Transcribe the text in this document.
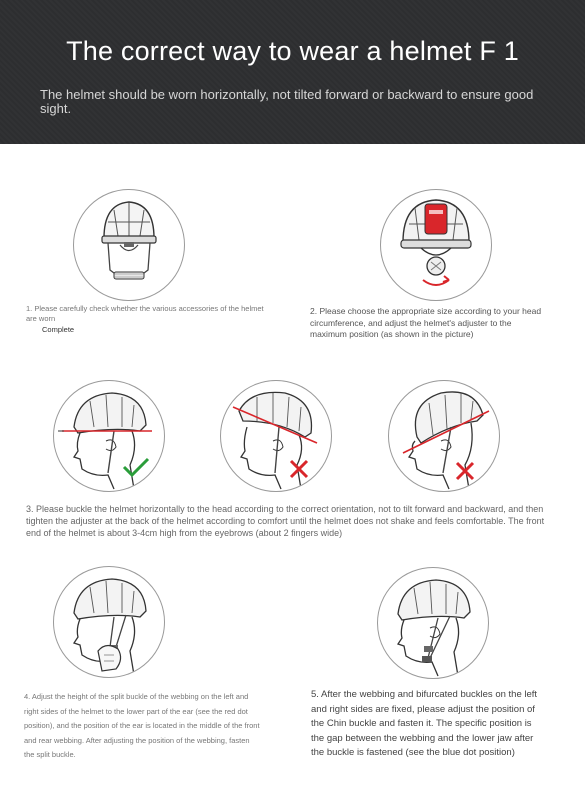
The correct way to wear a helmet F 1
The helmet should be worn horizontally, not tilted forward or backward to ensure good sight.
1. Please carefully check whether the various accessories of the helmet are worn
Complete
2. Please choose the appropriate size according to your head circumference, and adjust the helmet's adjuster to the maximum position (as shown in the picture)
3. Please buckle the helmet horizontally to the head according to the correct orientation, not to tilt forward and backward, and then tighten the adjuster at the back of the helmet according to comfort until the helmet does not shake and feels comfortable. The front end of the helmet is about 3-4cm high from the eyebrows (about 2 fingers wide)
4. Adjust the height of the split buckle of the webbing on the left and right sides of the helmet to the lower part of the ear (see the red dot position), and the position of the ear is located in the middle of the front and rear webbing. After adjusting the position of the webbing, fasten the split buckle.
5. After the webbing and bifurcated buckles on the left and right sides are fixed, please adjust the position of the Chin buckle and fasten it. The specific position is the gap between the webbing and the lower jaw after the buckle is fastened (see the blue dot position)
